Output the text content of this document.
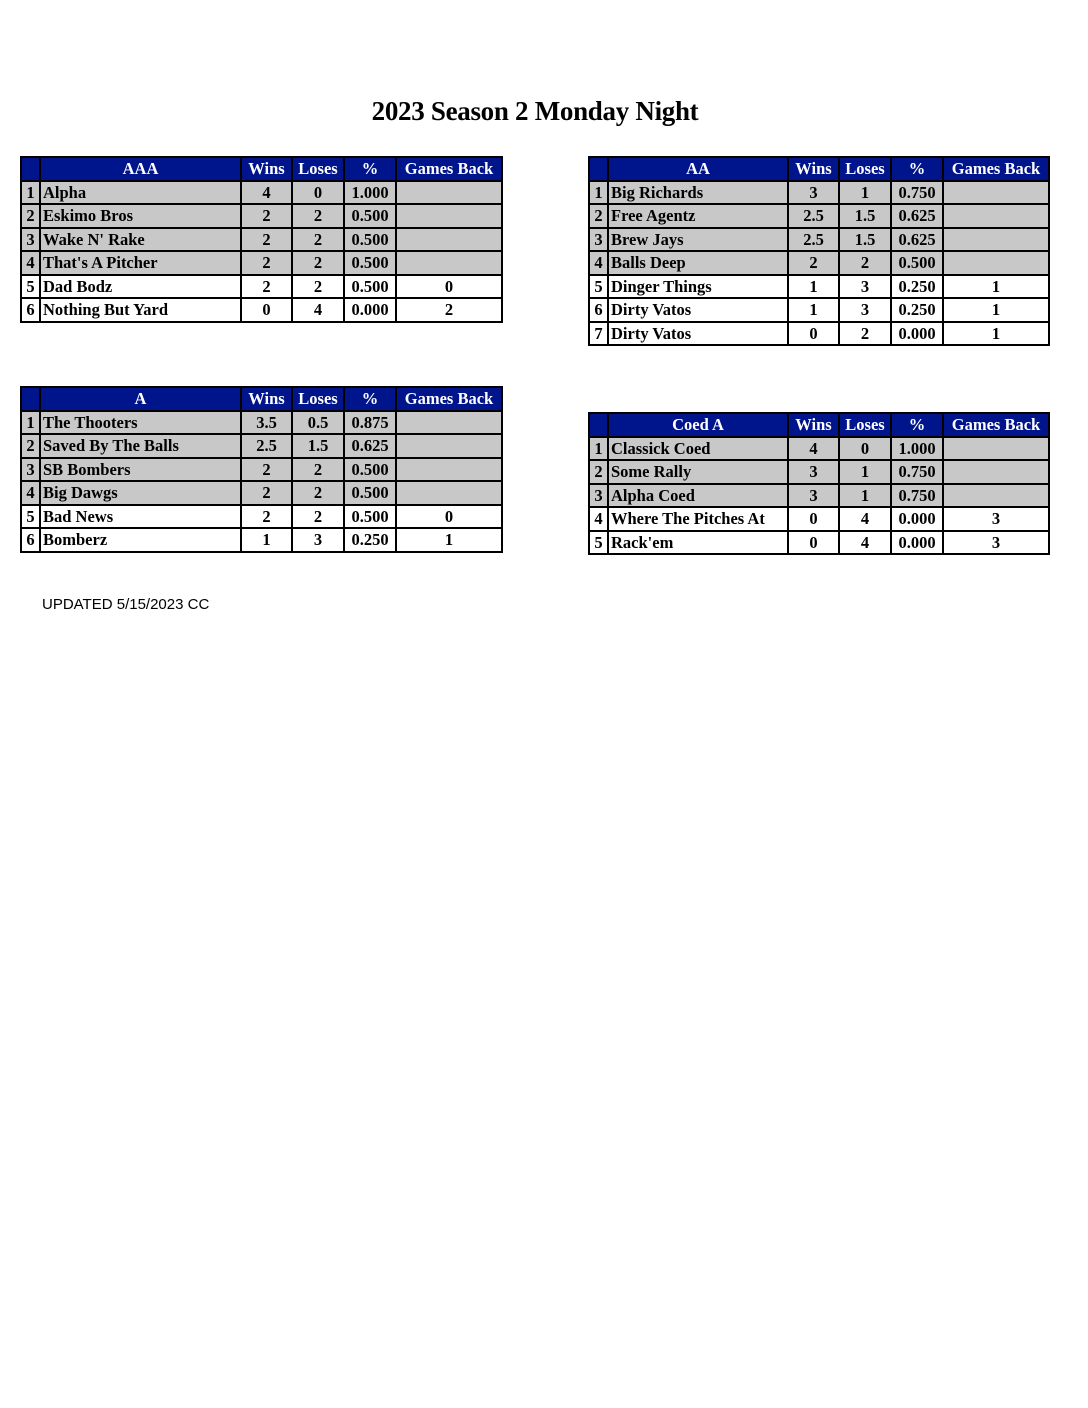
2023 Season 2 Monday Night
	AAA	Wins	Loses	%	Games Back
1	Alpha	4	0	1.000	
2	Eskimo Bros	2	2	0.500	
3	Wake N' Rake	2	2	0.500	
4	That's A Pitcher	2	2	0.500	
5	Dad Bodz	2	2	0.500	0
6	Nothing But Yard	0	4	0.000	2
	AA	Wins	Loses	%	Games Back
1	Big Richards	3	1	0.750	
2	Free Agentz	2.5	1.5	0.625	
3	Brew Jays	2.5	1.5	0.625	
4	Balls Deep	2	2	0.500	
5	Dinger Things	1	3	0.250	1
6	Dirty Vatos	1	3	0.250	1
7	Dirty Vatos	0	2	0.000	1
	A	Wins	Loses	%	Games Back
1	The Thooters	3.5	0.5	0.875	
2	Saved By The Balls	2.5	1.5	0.625	
3	SB Bombers	2	2	0.500	
4	Big Dawgs	2	2	0.500	
5	Bad News	2	2	0.500	0
6	Bomberz	1	3	0.250	1
	Coed A	Wins	Loses	%	Games Back
1	Classick Coed	4	0	1.000	
2	Some Rally	3	1	0.750	
3	Alpha Coed	3	1	0.750	
4	Where The Pitches At	0	4	0.000	3
5	Rack'em	0	4	0.000	3

UPDATED 5/15/2023 CC
